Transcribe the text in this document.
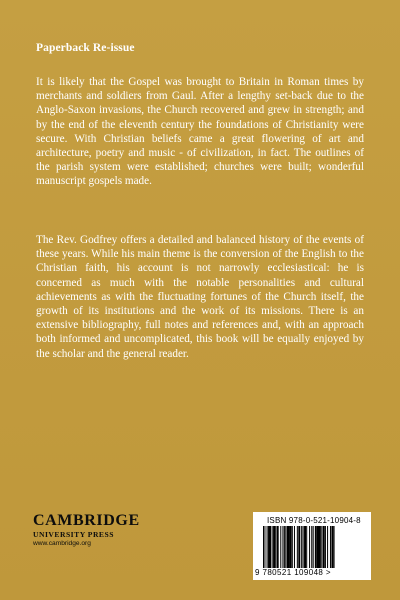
Paperback Re-issue

It is likely that the Gospel was brought to Britain in Roman times by merchants and soldiers from Gaul. After a lengthy set-back due to the Anglo-Saxon invasions, the Church recovered and grew in strength; and by the end of the eleventh century the foundations of Christianity were secure. With Christian beliefs came a great flowering of art and architecture, poetry and music - of civilization, in fact. The outlines of the parish system were established; churches were built; wonderful manuscript gospels made.

The Rev. Godfrey offers a detailed and balanced history of the events of these years. While his main theme is the conversion of the English to the Christian faith, his account is not narrowly ecclesiastical: he is concerned as much with the notable personalities and cultural achievements as with the fluctuating fortunes of the Church itself, the growth of its institutions and the work of its missions. There is an extensive bibliography, full notes and references and, with an approach both informed and uncomplicated, this book will be equally enjoyed by the scholar and the general reader.

CAMBRIDGE
UNIVERSITY PRESS
www.cambridge.org
ISBN 978-0-521-10904-8
9 780521 109048 >
